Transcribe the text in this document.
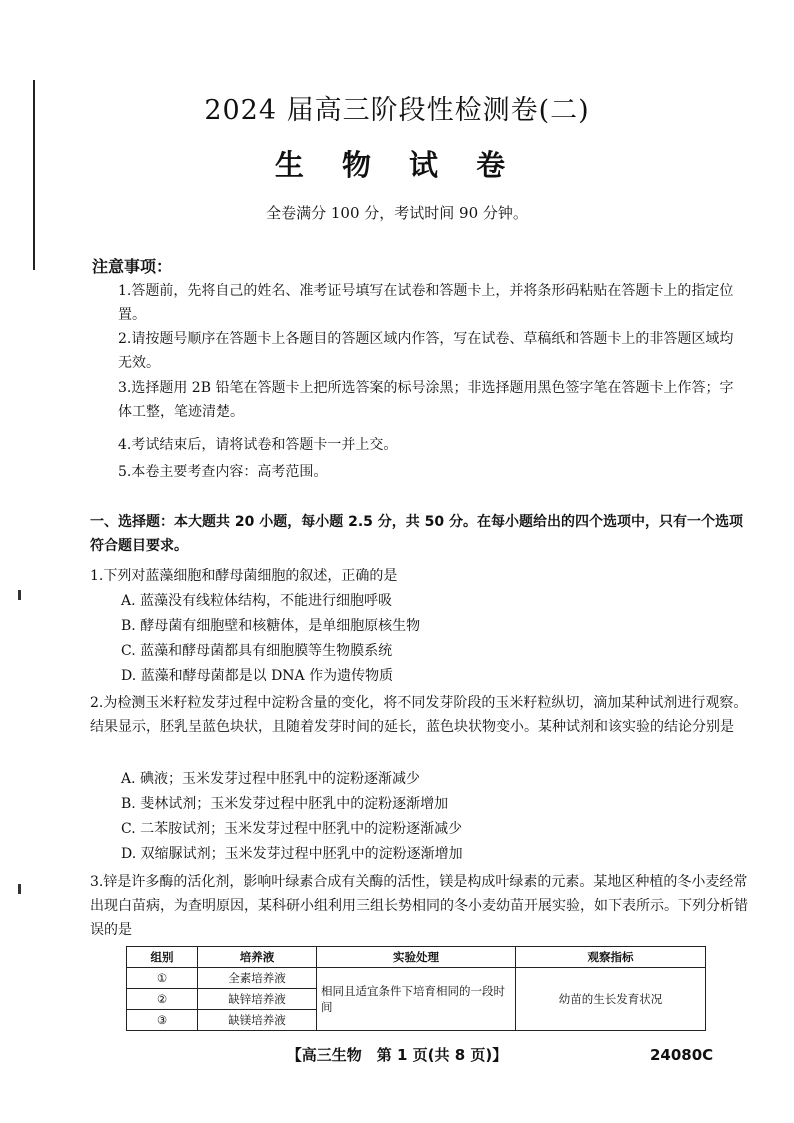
2024 届高三阶段性检测卷(二)
生 物 试 卷
全卷满分 100 分，考试时间 90 分钟。
注意事项：
1.答题前，先将自己的姓名、准考证号填写在试卷和答题卡上，并将条形码粘贴在答题卡上的指定位置。
2.请按题号顺序在答题卡上各题目的答题区域内作答，写在试卷、草稿纸和答题卡上的非答题区域均无效。
3.选择题用 2B 铅笔在答题卡上把所选答案的标号涂黑；非选择题用黑色签字笔在答题卡上作答；字体工整，笔迹清楚。
4.考试结束后，请将试卷和答题卡一并上交。
5.本卷主要考查内容：高考范围。
一、选择题：本大题共 20 小题，每小题 2.5 分，共 50 分。在每小题给出的四个选项中，只有一个选项符合题目要求。
1.下列对蓝藻细胞和酵母菌细胞的叙述，正确的是
A. 蓝藻没有线粒体结构，不能进行细胞呼吸
B. 酵母菌有细胞壁和核糖体，是单细胞原核生物
C. 蓝藻和酵母菌都具有细胞膜等生物膜系统
D. 蓝藻和酵母菌都是以 DNA 作为遗传物质
2.为检测玉米籽粒发芽过程中淀粉含量的变化，将不同发芽阶段的玉米籽粒纵切，滴加某种试剂进行观察。结果显示，胚乳呈蓝色块状，且随着发芽时间的延长，蓝色块状物变小。某种试剂和该实验的结论分别是
A. 碘液；玉米发芽过程中胚乳中的淀粉逐渐减少
B. 斐林试剂；玉米发芽过程中胚乳中的淀粉逐渐增加
C. 二苯胺试剂；玉米发芽过程中胚乳中的淀粉逐渐减少
D. 双缩脲试剂；玉米发芽过程中胚乳中的淀粉逐渐增加
3.锌是许多酶的活化剂，影响叶绿素合成有关酶的活性，镁是构成叶绿素的元素。某地区种植的冬小麦经常出现白苗病，为查明原因，某科研小组利用三组长势相同的冬小麦幼苗开展实验，如下表所示。下列分析错误的是
组别	培养液	实验处理	观察指标
①	全素培养液	相同且适宜条件下培育相同的一段时间	幼苗的生长发育状况
②	缺锌培养液		
③	缺镁培养液		
【高三生物　第 1 页(共 8 页)】	24080C
